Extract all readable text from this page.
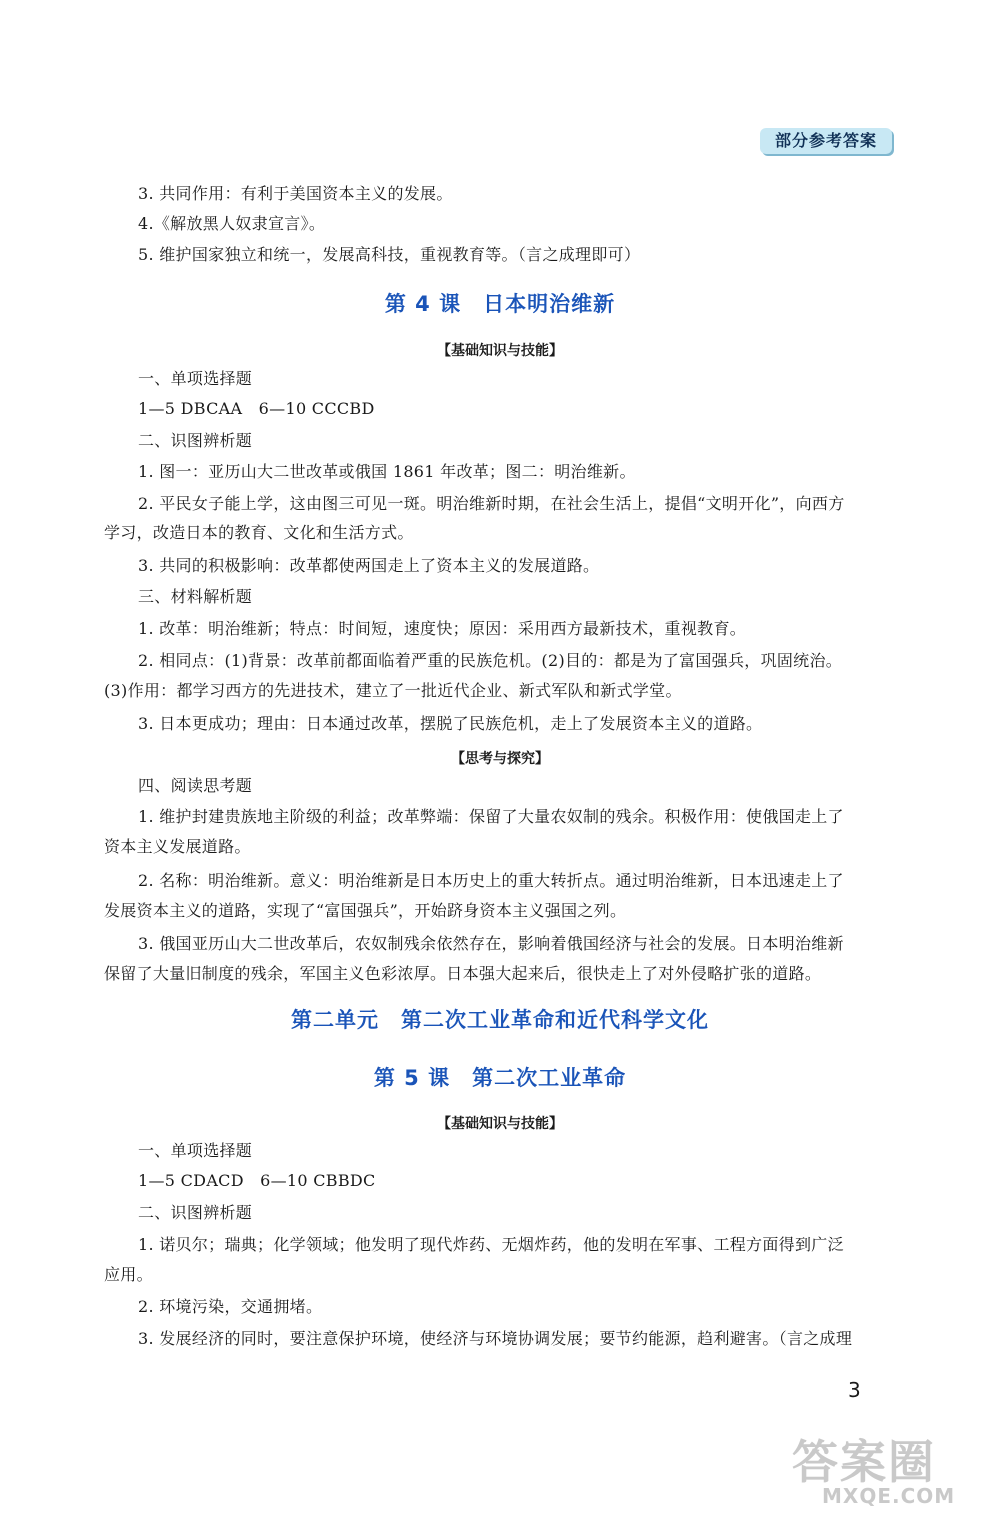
部分参考答案
3. 共同作用：有利于美国资本主义的发展。
4.《解放黑人奴隶宣言》。
5. 维护国家独立和统一，发展高科技，重视教育等。（言之成理即可）
第 4 课　日本明治维新
【基础知识与技能】
一、单项选择题
1—5 DBCAA　6—10 CCCBD
二、识图辨析题
1. 图一：亚历山大二世改革或俄国 1861 年改革；图二：明治维新。
2. 平民女子能上学，这由图三可见一斑。明治维新时期，在社会生活上，提倡“文明开化”，向西方
学习，改造日本的教育、文化和生活方式。
3. 共同的积极影响：改革都使两国走上了资本主义的发展道路。
三、材料解析题
1. 改革：明治维新；特点：时间短，速度快；原因：采用西方最新技术，重视教育。
2. 相同点：(1)背景：改革前都面临着严重的民族危机。(2)目的：都是为了富国强兵，巩固统治。
(3)作用：都学习西方的先进技术，建立了一批近代企业、新式军队和新式学堂。
3. 日本更成功；理由：日本通过改革，摆脱了民族危机，走上了发展资本主义的道路。
【思考与探究】
四、阅读思考题
1. 维护封建贵族地主阶级的利益；改革弊端：保留了大量农奴制的残余。积极作用：使俄国走上了
资本主义发展道路。
2. 名称：明治维新。意义：明治维新是日本历史上的重大转折点。通过明治维新，日本迅速走上了
发展资本主义的道路，实现了“富国强兵”，开始跻身资本主义强国之列。
3. 俄国亚历山大二世改革后，农奴制残余依然存在，影响着俄国经济与社会的发展。日本明治维新
保留了大量旧制度的残余，军国主义色彩浓厚。日本强大起来后，很快走上了对外侵略扩张的道路。
第二单元　第二次工业革命和近代科学文化
第 5 课　第二次工业革命
【基础知识与技能】
一、单项选择题
1—5 CDACD　6—10 CBBDC
二、识图辨析题
1. 诺贝尔；瑞典；化学领域；他发明了现代炸药、无烟炸药，他的发明在军事、工程方面得到广泛
应用。
2. 环境污染，交通拥堵。
3. 发展经济的同时，要注意保护环境，使经济与环境协调发展；要节约能源，趋利避害。（言之成理
3
答案圈
MXQE.COM
